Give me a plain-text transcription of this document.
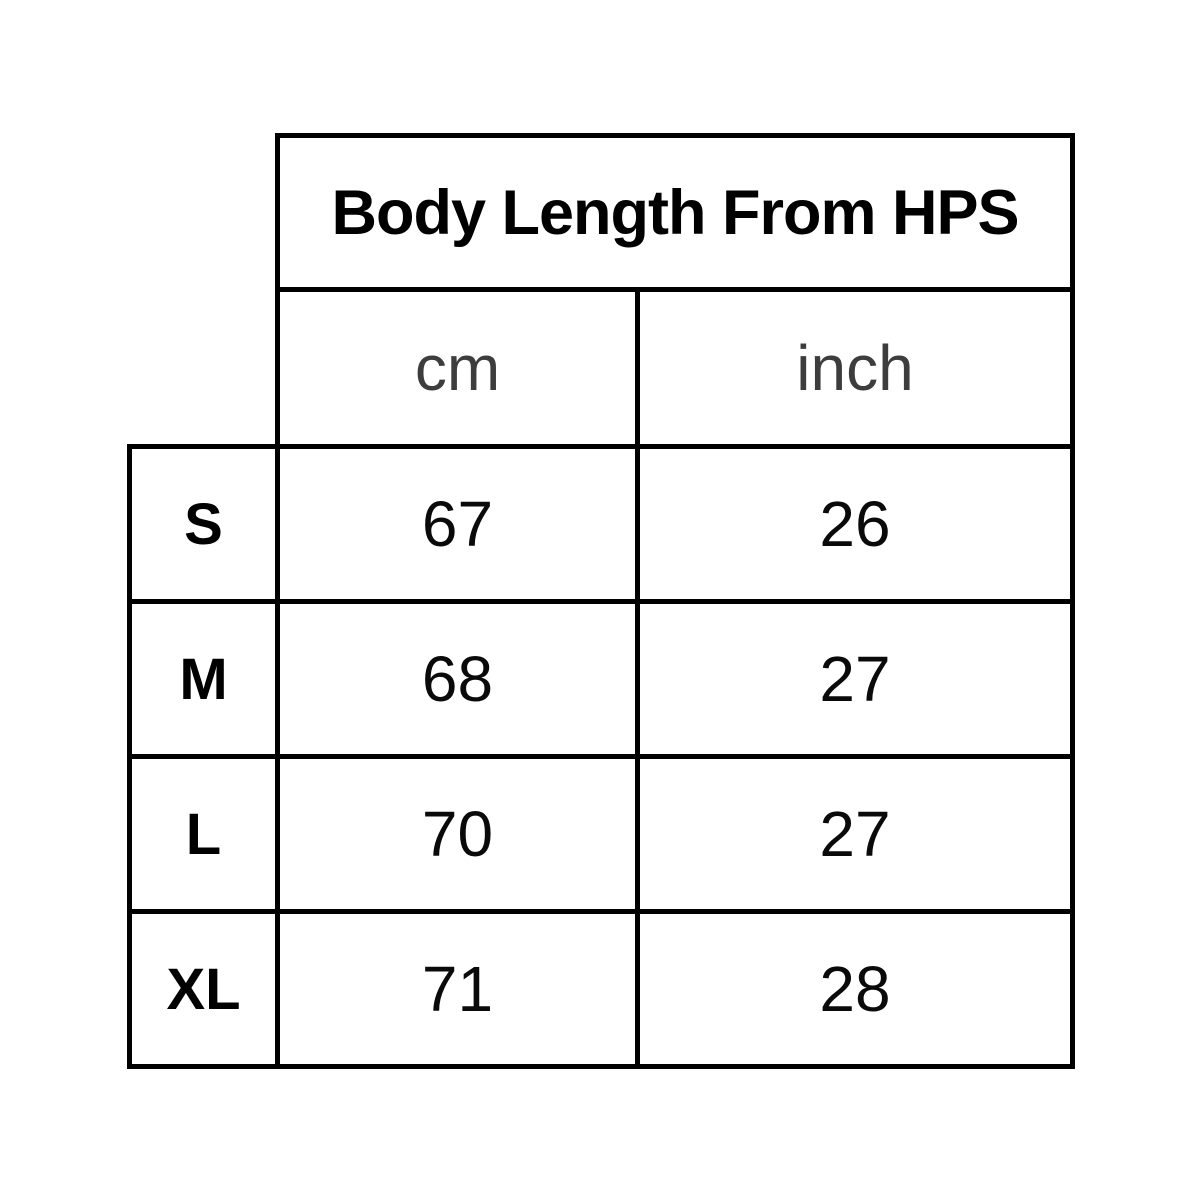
	Body Length From HPS	
	cm	inch
S	67	26
M	68	27
L	70	27
XL	71	28
